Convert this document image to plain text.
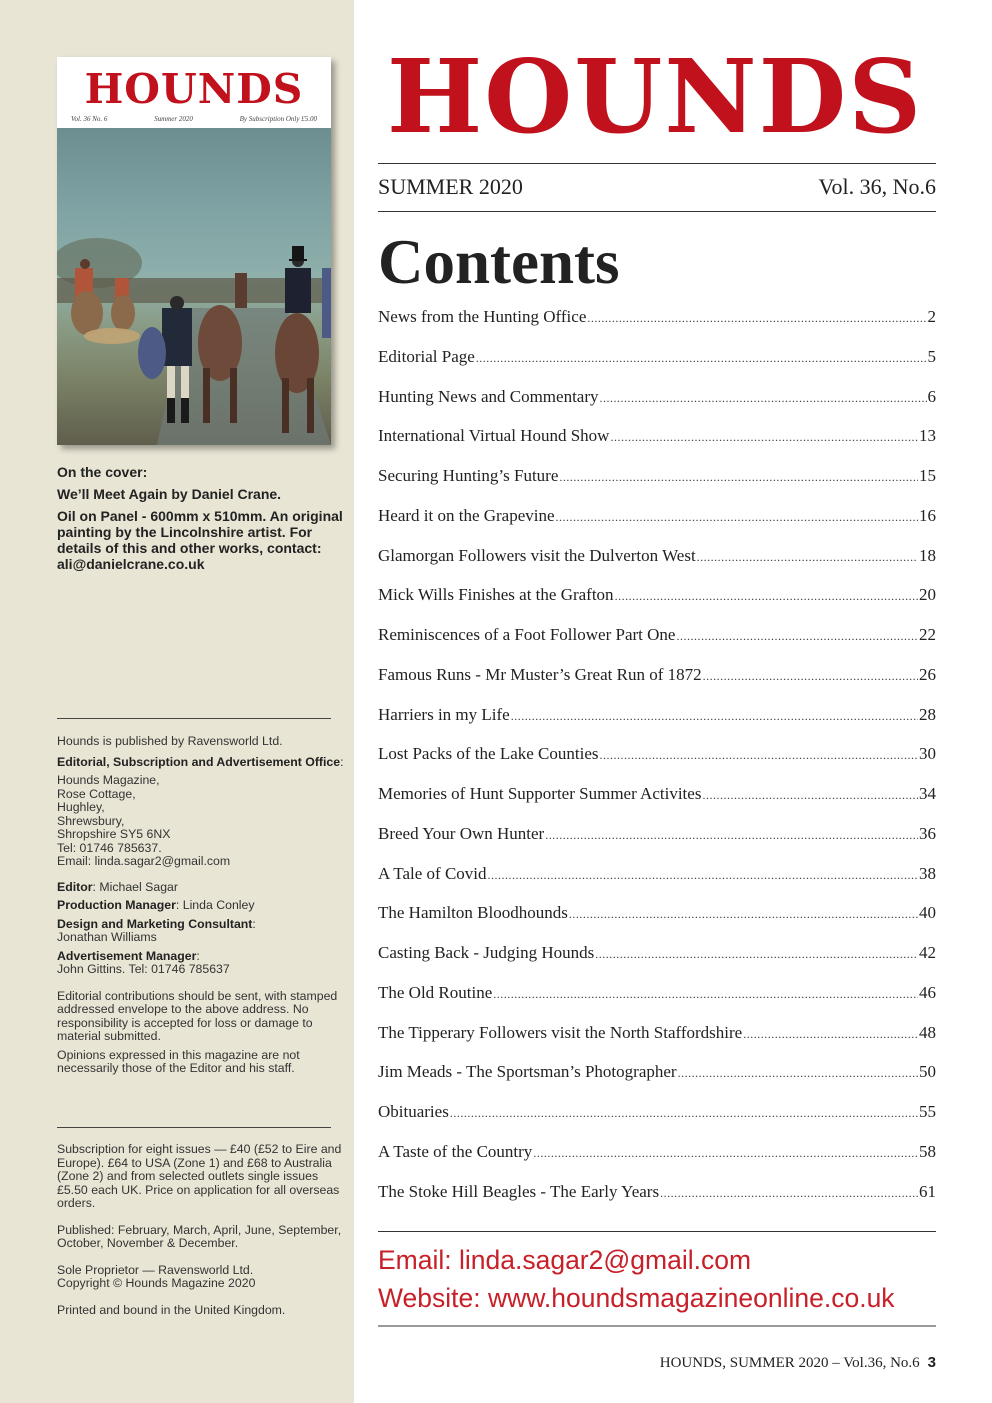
HOUNDS
Vol. 36 No. 6	Summer 2020	By Subscription Only £5.00

On the cover:

We’ll Meet Again by Daniel Crane.

Oil on Panel - 600mm x 510mm. An original painting by the Lincolnshire artist. For details of this and other works, contact: ali@danielcrane.co.uk

Hounds is published by Ravensworld Ltd.

Editorial, Subscription and Advertisement Office:

Hounds Magazine,
Rose Cottage,
Hughley,
Shrewsbury,
Shropshire SY5 6NX
Tel: 01746 785637.
Email: linda.sagar2@gmail.com

Editor: Michael Sagar

Production Manager: Linda Conley

Design and Marketing Consultant:
Jonathan Williams

Advertisement Manager:
John Gittins. Tel: 01746 785637

Editorial contributions should be sent, with stamped addressed envelope to the above address. No responsibility is accepted for loss or damage to material submitted.

Opinions expressed in this magazine are not necessarily those of the Editor and his staff.

Subscription for eight issues — £40 (£52 to Eire and Europe). £64 to USA (Zone 1) and £68 to Australia (Zone 2) and from selected outlets single issues £5.50 each UK. Price on application for all overseas orders.

Published: February, March, April, June, September, October, November & December.

Sole Proprietor — Ravensworld Ltd.
Copyright © Hounds Magazine 2020

Printed and bound in the United Kingdom.

HOUNDS
SUMMER 2020	Vol. 36, No.6
Contents
News from the Hunting Office .....	2
Editorial Page .....	5
Hunting News and Commentary .....	6
International Virtual Hound Show .....	13
Securing Hunting’s Future .....	15
Heard it on the Grapevine .....	16
Glamorgan Followers visit the Dulverton West .....	18
Mick Wills Finishes at the Grafton .....	20
Reminiscences of a Foot Follower Part One .....	22
Famous Runs - Mr Muster’s Great Run of 1872 .....	26
Harriers in my Life .....	28
Lost Packs of the Lake Counties .....	30
Memories of Hunt Supporter Summer Activites .....	34
Breed Your Own Hunter .....	36
A Tale of Covid .....	38
The Hamilton Bloodhounds .....	40
Casting Back - Judging Hounds .....	42
The Old Routine .....	46
The Tipperary Followers visit the North Staffordshire .....	48
Jim Meads - The Sportsman’s Photographer .....	50
Obituaries .....	55
A Taste of the Country .....	58
The Stoke Hill Beagles - The Early Years .....	61
Email: linda.sagar2@gmail.com
Website: www.houndsmagazineonline.co.uk
HOUNDS, SUMMER 2020 – Vol.36, No.6 3
